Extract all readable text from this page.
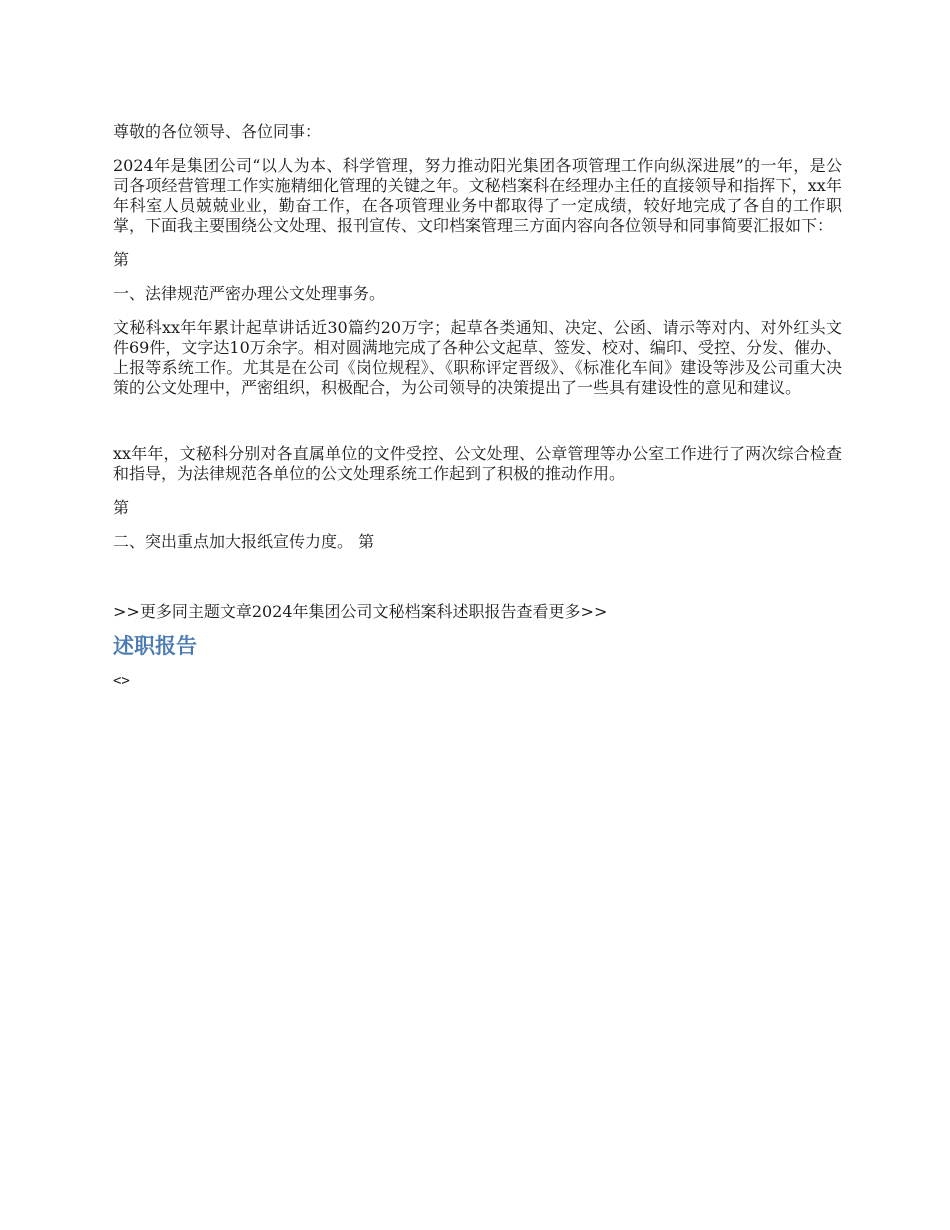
尊敬的各位领导、各位同事：

2024年是集团公司“以人为本、科学管理，努力推动阳光集团各项管理工作向纵深进展”的一年，是公司各项经营管理工作实施精细化管理的关键之年。文秘档案科在经理办主任的直接领导和指挥下，xx年年科室人员兢兢业业，勤奋工作，在各项管理业务中都取得了一定成绩，较好地完成了各自的工作职掌，下面我主要围绕公文处理、报刊宣传、文印档案管理三方面内容向各位领导和同事简要汇报如下：

第

一、法律规范严密办理公文处理事务。

文秘科xx年年累计起草讲话近30篇约20万字；起草各类通知、决定、公函、请示等对内、对外红头文件69件，文字达10万余字。相对圆满地完成了各种公文起草、签发、校对、编印、受控、分发、催办、上报等系统工作。尤其是在公司《岗位规程》、《职称评定晋级》、《标准化车间》建设等涉及公司重大决策的公文处理中，严密组织，积极配合，为公司领导的决策提出了一些具有建设性的意见和建议。

xx年年，文秘科分别对各直属单位的文件受控、公文处理、公章管理等办公室工作进行了两次综合检查和指导，为法律规范各单位的公文处理系统工作起到了积极的推动作用。

第

二、突出重点加大报纸宣传力度。 第

>>更多同主题文章2024年集团公司文秘档案科述职报告查看更多>>
述职报告
<>
